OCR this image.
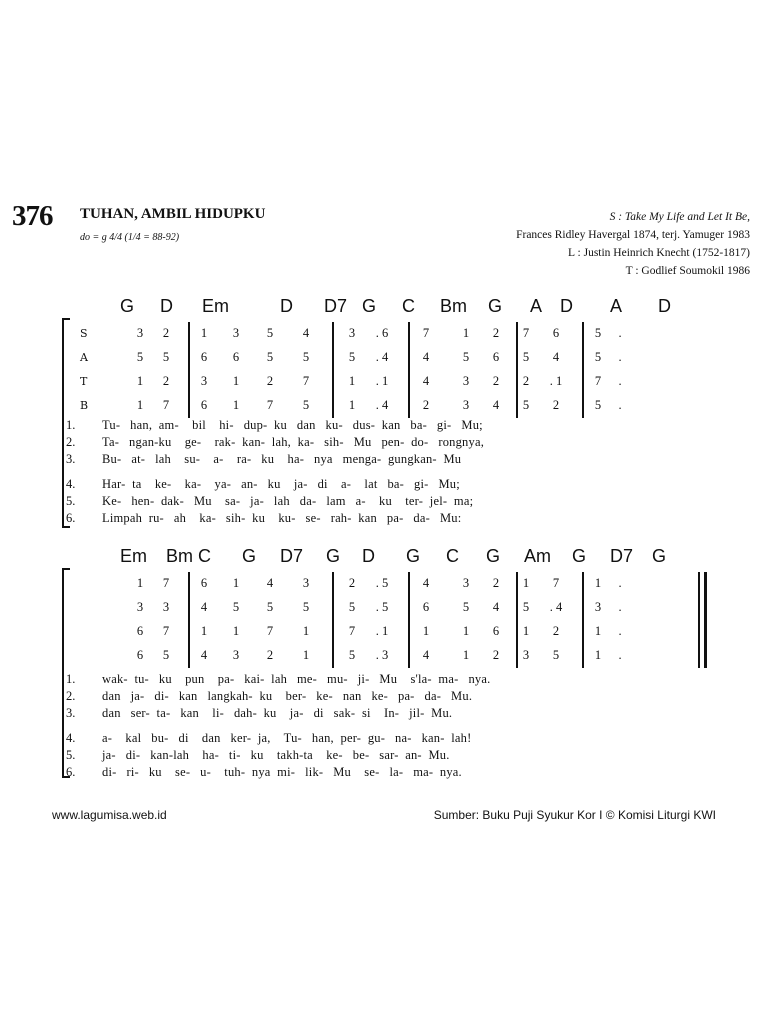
376 TUHAN, AMBIL HIDUPKU
do = g 4/4 (1/4 = 88-92)
S : Take My Life and Let It Be,
Frances Ridley Havergal 1874, terj. Yamuger 1983
L : Justin Heinrich Knecht (1752-1817)
T : Godlief Soumokil 1986
G D Em	D D7 G C Bm G A D A D
S	3	2	1	3	5	4	3	. 6	7	1	2	7	6	5	.
A	5	5	6	6	5	5	5	. 4	4	5	6	5	4	5	.
T	1	2	3	1	2	7	1	. 1	4	3	2	2	. 1	7	.
B	1	7	6	1	7	5	1	. 4	2	3	4	5	2	5	.
1. Tu-   han,  am-    bil    hi-   dup-  ku   dan   ku-   dus-  kan   ba-   gi-   Mu;
2. Ta-   ngan-ku    ge-    rak-  kan-  lah,  ka-   sih-   Mu   pen-  do-   rongnya,
3. Bu-   at-   lah    su-    a-    ra-   ku    ha-   nya   menga-  gungkan-  Mu
4. Har-  ta    ke-    ka-    ya-   an-   ku    ja-   di    a-    lat   ba-   gi-   Mu;
5. Ke-   hen-  dak-   Mu    sa-   ja-   lah   da-   lam   a-    ku    ter-  jel-  ma;
6. Limpah  ru-   ah    ka-   sih-  ku    ku-   se-   rah-  kan   pa-   da-   Mu:
Em Bm C G D7 G D G C G Am G D7 G
1	7	6	1	4	3	2	. 5	4	3	2	1	7	1	.
3	3	4	5	5	5	5	. 5	6	5	4	5	. 4	3	.
6	7	1	1	7	1	7	. 1	1	1	6	1	2	1	.
6	5	4	3	2	1	5	. 3	4	1	2	3	5	1	.
1. wak-  tu-   ku    pun    pa-   kai-  lah   me-   mu-   ji-   Mu    s'la-  ma-   nya.
2. dan   ja-   di-   kan   langkah-  ku    ber-   ke-   nan   ke-   pa-   da-   Mu.
3. dan   ser-  ta-   kan    li-   dah-  ku    ja-   di   sak-  si    In-   jil-  Mu.
4. a-    kal   bu-   di    dan   ker-  ja,    Tu-   han,  per-  gu-   na-   kan-  lah!
5. ja-   di-   kan-lah    ha-   ti-   ku    takh-ta    ke-   be-   sar-  an-  Mu.
6. di-   ri-   ku    se-   u-    tuh-  nya  mi-   lik-   Mu    se-   la-   ma-  nya.
www.lagumisa.web.id	Sumber: Buku Puji Syukur Kor I © Komisi Liturgi KWI
